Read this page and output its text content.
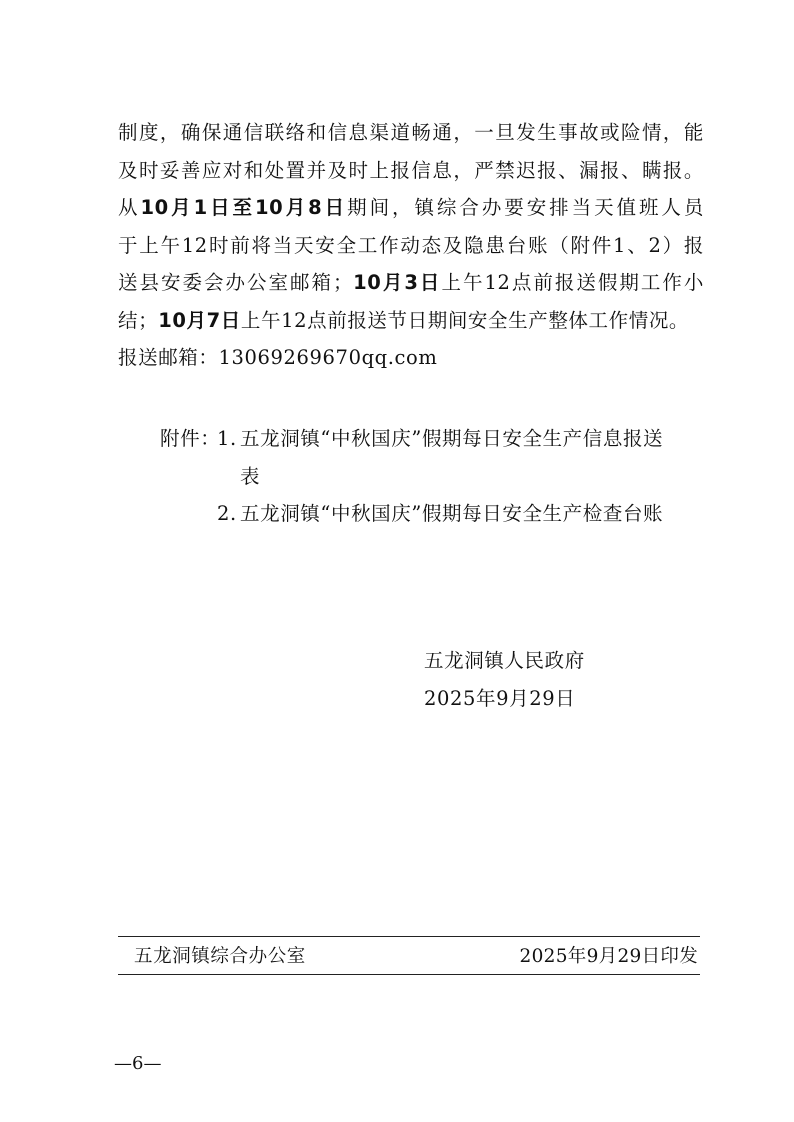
制度，确保通信联络和信息渠道畅通，一旦发生事故或险情，能
及时妥善应对和处置并及时上报信息，严禁迟报、漏报、瞒报。
从10月1日至10月8日期间，镇综合办要安排当天值班人员
于上午12时前将当天安全工作动态及隐患台账（附件1、2）报
送县安委会办公室邮箱；10月3日上午12点前报送假期工作小
结；10月7日上午12点前报送节日期间安全生产整体工作情况。
报送邮箱：13069269670qq.com
附件：
1. 五龙洞镇“中秋国庆”假期每日安全生产信息报送
表
2. 五龙洞镇“中秋国庆”假期每日安全生产检查台账
五龙洞镇人民政府
2025年9月29日
五龙洞镇综合办公室	2025年9月29日印发
—6—
